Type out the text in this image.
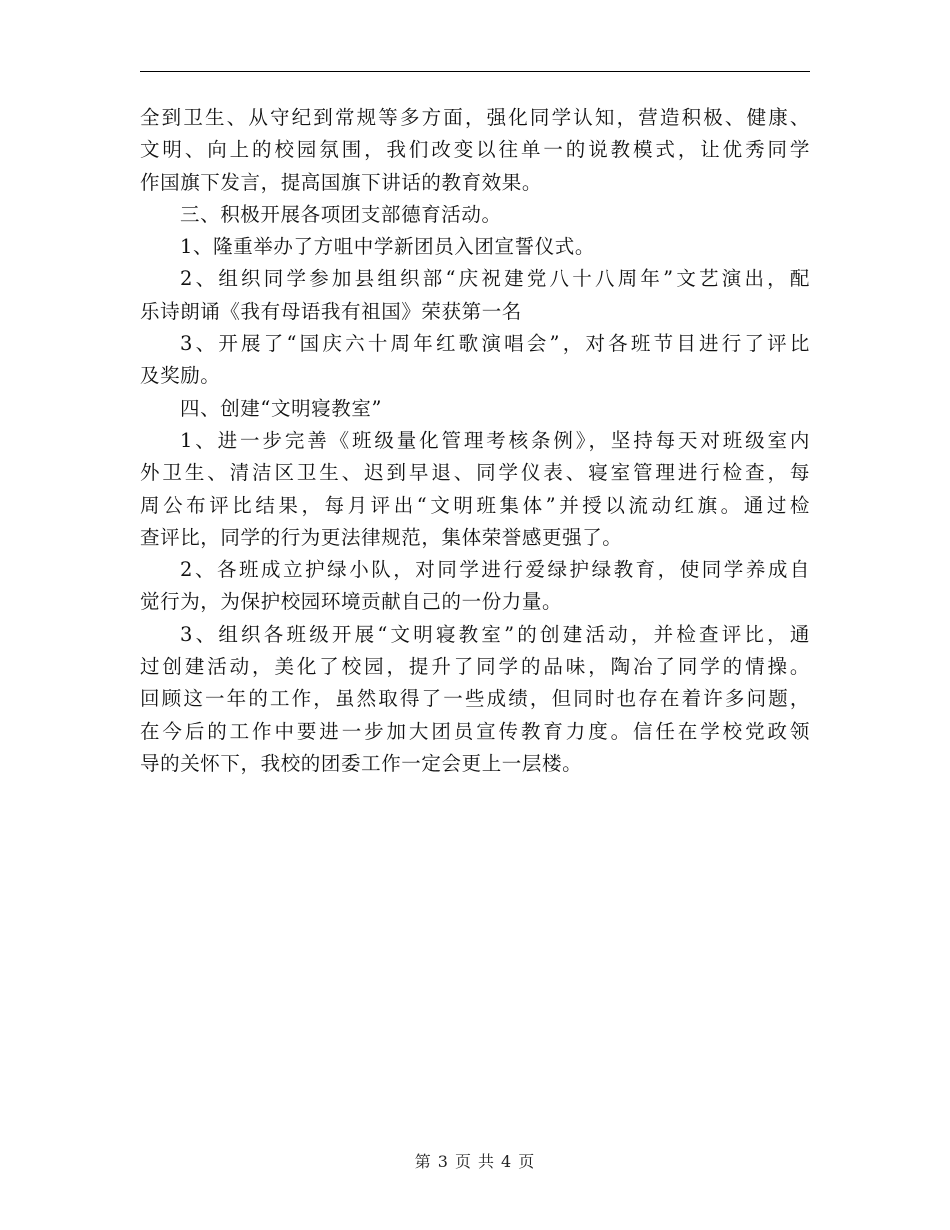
全到卫生、从守纪到常规等多方面，强化同学认知，营造积极、健康、
文明、向上的校园氛围，我们改变以往单一的说教模式，让优秀同学
作国旗下发言，提高国旗下讲话的教育效果。
三、积极开展各项团支部德育活动。
1、隆重举办了方咀中学新团员入团宣誓仪式。
2、组织同学参加县组织部“庆祝建党八十八周年”文艺演出，配
乐诗朗诵《我有母语我有祖国》荣获第一名
3、开展了“国庆六十周年红歌演唱会”，对各班节目进行了评比
及奖励。
四、创建“文明寝教室”
1、进一步完善《班级量化管理考核条例》，坚持每天对班级室内
外卫生、清洁区卫生、迟到早退、同学仪表、寝室管理进行检查，每
周公布评比结果，每月评出“文明班集体”并授以流动红旗。通过检
查评比，同学的行为更法律规范，集体荣誉感更强了。
2、各班成立护绿小队，对同学进行爱绿护绿教育，使同学养成自
觉行为，为保护校园环境贡献自己的一份力量。
3、组织各班级开展“文明寝教室”的创建活动，并检查评比，通
过创建活动，美化了校园，提升了同学的品味，陶冶了同学的情操。
回顾这一年的工作，虽然取得了一些成绩，但同时也存在着许多问题，
在今后的工作中要进一步加大团员宣传教育力度。信任在学校党政领
导的关怀下，我校的团委工作一定会更上一层楼。
第 3 页 共 4 页
